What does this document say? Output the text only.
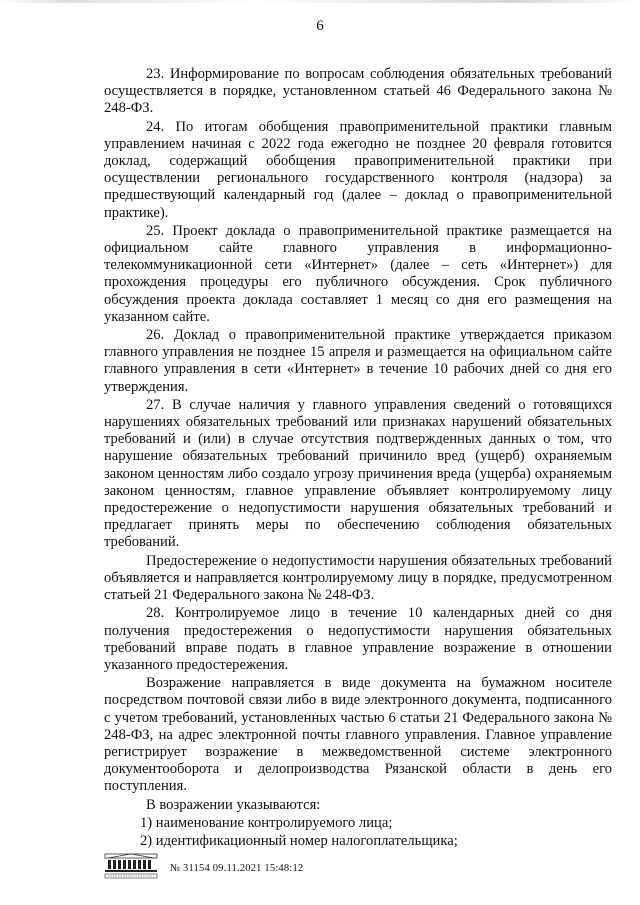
6

23. Информирование по вопросам соблюдения обязательных требований осуществляется в порядке, установленном статьей 46 Федерального закона № 248-ФЗ.

24. По итогам обобщения правоприменительной практики главным управлением начиная с 2022 года ежегодно не позднее 20 февраля готовится доклад, содержащий обобщения правоприменительной практики при осуществлении регионального государственного контроля (надзора) за предшествующий календарный год (далее – доклад о правоприменительной практике).

25. Проект доклада о правоприменительной практике размещается на официальном сайте главного управления в информационно-телекоммуникационной сети «Интернет» (далее – сеть «Интернет») для прохождения процедуры его публичного обсуждения. Срок публичного обсуждения проекта доклада составляет 1 месяц со дня его размещения на указанном сайте.

26. Доклад о правоприменительной практике утверждается приказом главного управления не позднее 15 апреля и размещается на официальном сайте главного управления в сети «Интернет» в течение 10 рабочих дней со дня его утверждения.

27. В случае наличия у главного управления сведений о готовящихся нарушениях обязательных требований или признаках нарушений обязательных требований и (или) в случае отсутствия подтвержденных данных о том, что нарушение обязательных требований причинило вред (ущерб) охраняемым законом ценностям либо создало угрозу причинения вреда (ущерба) охраняемым законом ценностям, главное управление объявляет контролируемому лицу предостережение о недопустимости нарушения обязательных требований и предлагает принять меры по обеспечению соблюдения обязательных требований.

Предостережение о недопустимости нарушения обязательных требований объявляется и направляется контролируемому лицу в порядке, предусмотренном статьей 21 Федерального закона № 248-ФЗ.

28. Контролируемое лицо в течение 10 календарных дней со дня получения предостережения о недопустимости нарушения обязательных требований вправе подать в главное управление возражение в отношении указанного предостережения.

Возражение направляется в виде документа на бумажном носителе посредством почтовой связи либо в виде электронного документа, подписанного с учетом требований, установленных частью 6 статьи 21 Федерального закона № 248-ФЗ, на адрес электронной почты главного управления. Главное управление регистрирует возражение в межведомственной системе электронного документооборота и делопроизводства Рязанской области в день его поступления.

В возражении указываются:

1) наименование контролируемого лица;

2) идентификационный номер налогоплательщика;

№ 31154 09.11.2021 15:48:12
